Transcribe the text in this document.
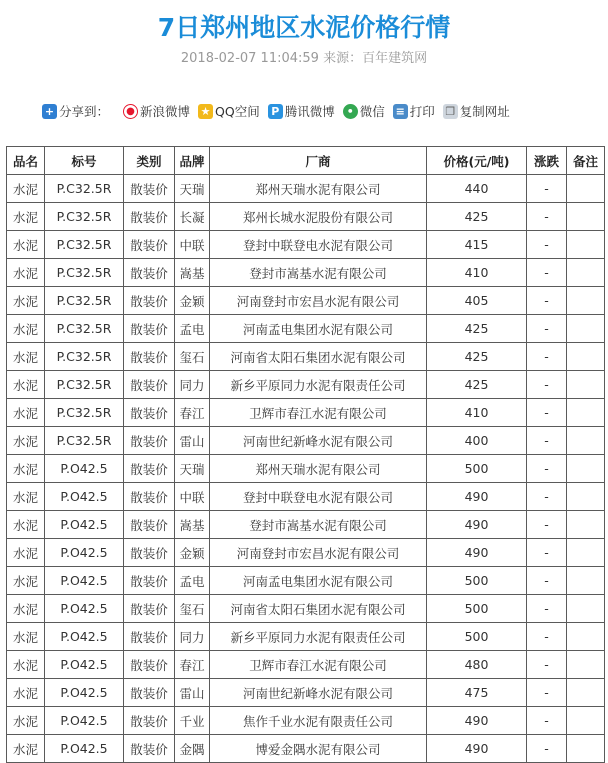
7日郑州地区水泥价格行情
2018-02-07 11:04:59 来源：百年建筑网
+ 分享到：	● 新浪微博 ★ QQ空间	P 腾讯微博	• 微信 ≡ 打印 ❐ 复制网址
品名	标号	类别	品牌	厂商	价格(元/吨)	涨跌	备注
水泥	P.C32.5R	散装价	天瑞	郑州天瑞水泥有限公司	440	-	
水泥	P.C32.5R	散装价	长凝	郑州长城水泥股份有限公司	425	-	
水泥	P.C32.5R	散装价	中联	登封中联登电水泥有限公司	415	-	
水泥	P.C32.5R	散装价	嵩基	登封市嵩基水泥有限公司	410	-	
水泥	P.C32.5R	散装价	金颖	河南登封市宏昌水泥有限公司	405	-	
水泥	P.C32.5R	散装价	孟电	河南孟电集团水泥有限公司	425	-	
水泥	P.C32.5R	散装价	玺石	河南省太阳石集团水泥有限公司	425	-	
水泥	P.C32.5R	散装价	同力	新乡平原同力水泥有限责任公司	425	-	
水泥	P.C32.5R	散装价	春江	卫辉市春江水泥有限公司	410	-	
水泥	P.C32.5R	散装价	雷山	河南世纪新峰水泥有限公司	400	-	
水泥	P.O42.5	散装价	天瑞	郑州天瑞水泥有限公司	500	-	
水泥	P.O42.5	散装价	中联	登封中联登电水泥有限公司	490	-	
水泥	P.O42.5	散装价	嵩基	登封市嵩基水泥有限公司	490	-	
水泥	P.O42.5	散装价	金颖	河南登封市宏昌水泥有限公司	490	-	
水泥	P.O42.5	散装价	孟电	河南孟电集团水泥有限公司	500	-	
水泥	P.O42.5	散装价	玺石	河南省太阳石集团水泥有限公司	500	-	
水泥	P.O42.5	散装价	同力	新乡平原同力水泥有限责任公司	500	-	
水泥	P.O42.5	散装价	春江	卫辉市春江水泥有限公司	480	-	
水泥	P.O42.5	散装价	雷山	河南世纪新峰水泥有限公司	475	-	
水泥	P.O42.5	散装价	千业	焦作千业水泥有限责任公司	490	-	
水泥	P.O42.5	散装价	金隅	博爱金隅水泥有限公司	490	-	
